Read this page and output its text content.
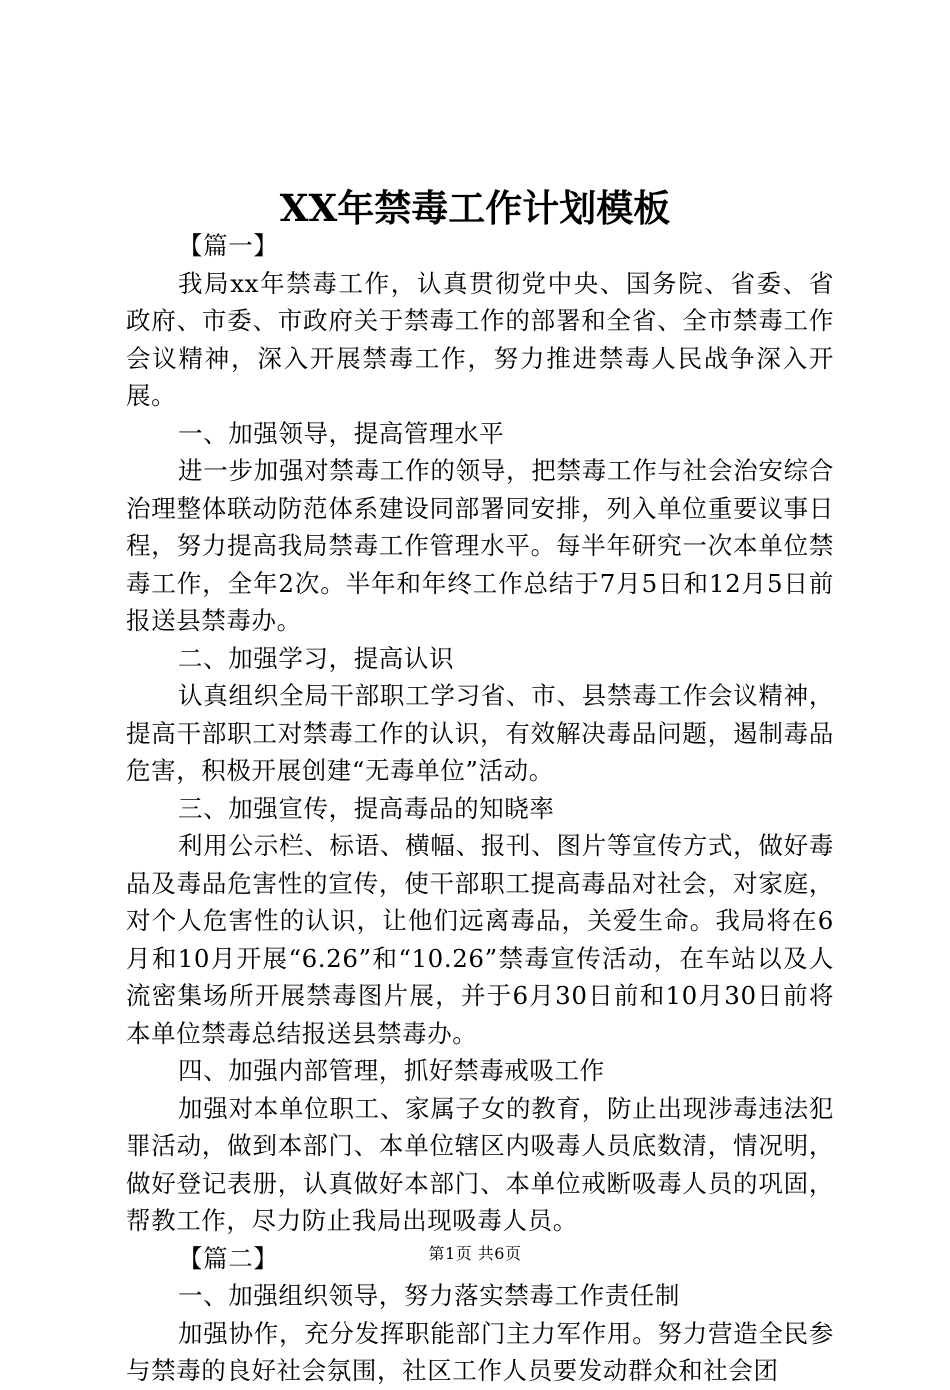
XX年禁毒工作计划模板

【篇一】

我局xx年禁毒工作，认真贯彻党中央、国务院、省委、省政府、市委、市政府关于禁毒工作的部署和全省、全市禁毒工作会议精神，深入开展禁毒工作，努力推进禁毒人民战争深入开展。

一、加强领导，提高管理水平

进一步加强对禁毒工作的领导，把禁毒工作与社会治安综合治理整体联动防范体系建设同部署同安排，列入单位重要议事日程，努力提高我局禁毒工作管理水平。每半年研究一次本单位禁毒工作，全年2次。半年和年终工作总结于7月5日和12月5日前报送县禁毒办。

二、加强学习，提高认识

认真组织全局干部职工学习省、市、县禁毒工作会议精神，提高干部职工对禁毒工作的认识，有效解决毒品问题，遏制毒品危害，积极开展创建“无毒单位”活动。

三、加强宣传，提高毒品的知晓率

利用公示栏、标语、横幅、报刊、图片等宣传方式，做好毒品及毒品危害性的宣传，使干部职工提高毒品对社会，对家庭，对个人危害性的认识，让他们远离毒品，关爱生命。我局将在6月和10月开展“6.26”和“10.26”禁毒宣传活动，在车站以及人流密集场所开展禁毒图片展，并于6月30日前和10月30日前将本单位禁毒总结报送县禁毒办。

四、加强内部管理，抓好禁毒戒吸工作

加强对本单位职工、家属子女的教育，防止出现涉毒违法犯罪活动，做到本部门、本单位辖区内吸毒人员底数清，情况明，做好登记表册，认真做好本部门、本单位戒断吸毒人员的巩固，帮教工作，尽力防止我局出现吸毒人员。

【篇二】

一、加强组织领导，努力落实禁毒工作责任制

加强协作，充分发挥职能部门主力军作用。努力营造全民参与禁毒的良好社会氛围，社区工作人员要发动群众和社会团

第1页 共6页
